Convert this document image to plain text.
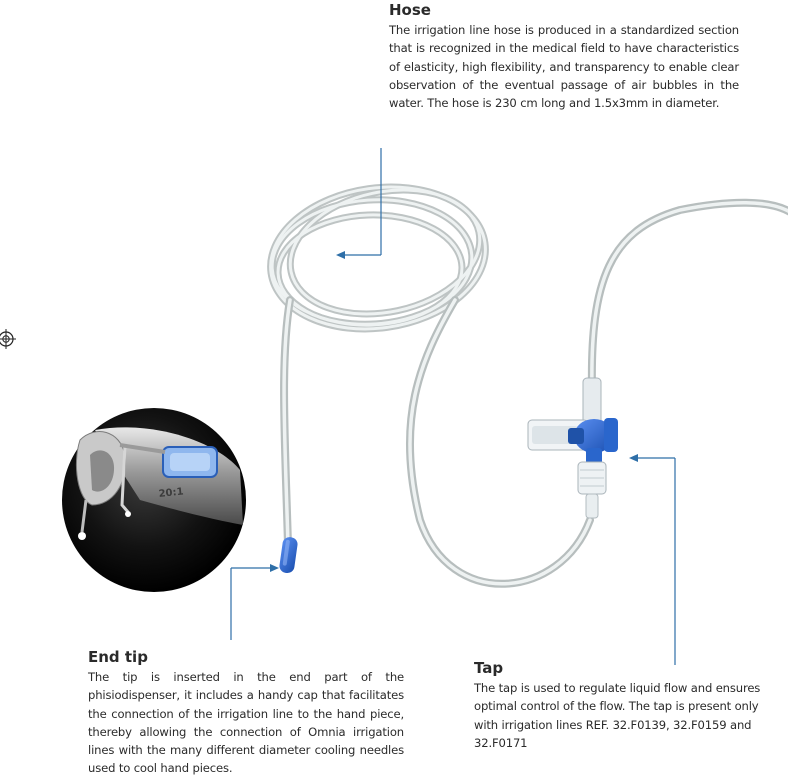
20:1
Hose

The irrigation line hose is produced in a standardized section that is recognized in the medical field to have characteristics of elasticity, high flexibility, and transparency to enable clear observation of the eventual passage of air bubbles in the water. The hose is 230 cm long and 1.5x3mm in diameter.

End tip

The tip is inserted in the end part of the phisiodispenser, it includes a handy cap that facilitates the connection of the irrigation line to the hand piece, thereby allowing the connection of Omnia irrigation lines with the many different diameter cooling needles used to cool hand pieces.

Tap

The tap is used to regulate liquid flow and ensures optimal control of the flow. The tap is present only with irrigation lines REF. 32.F0139, 32.F0159 and 32.F0171
